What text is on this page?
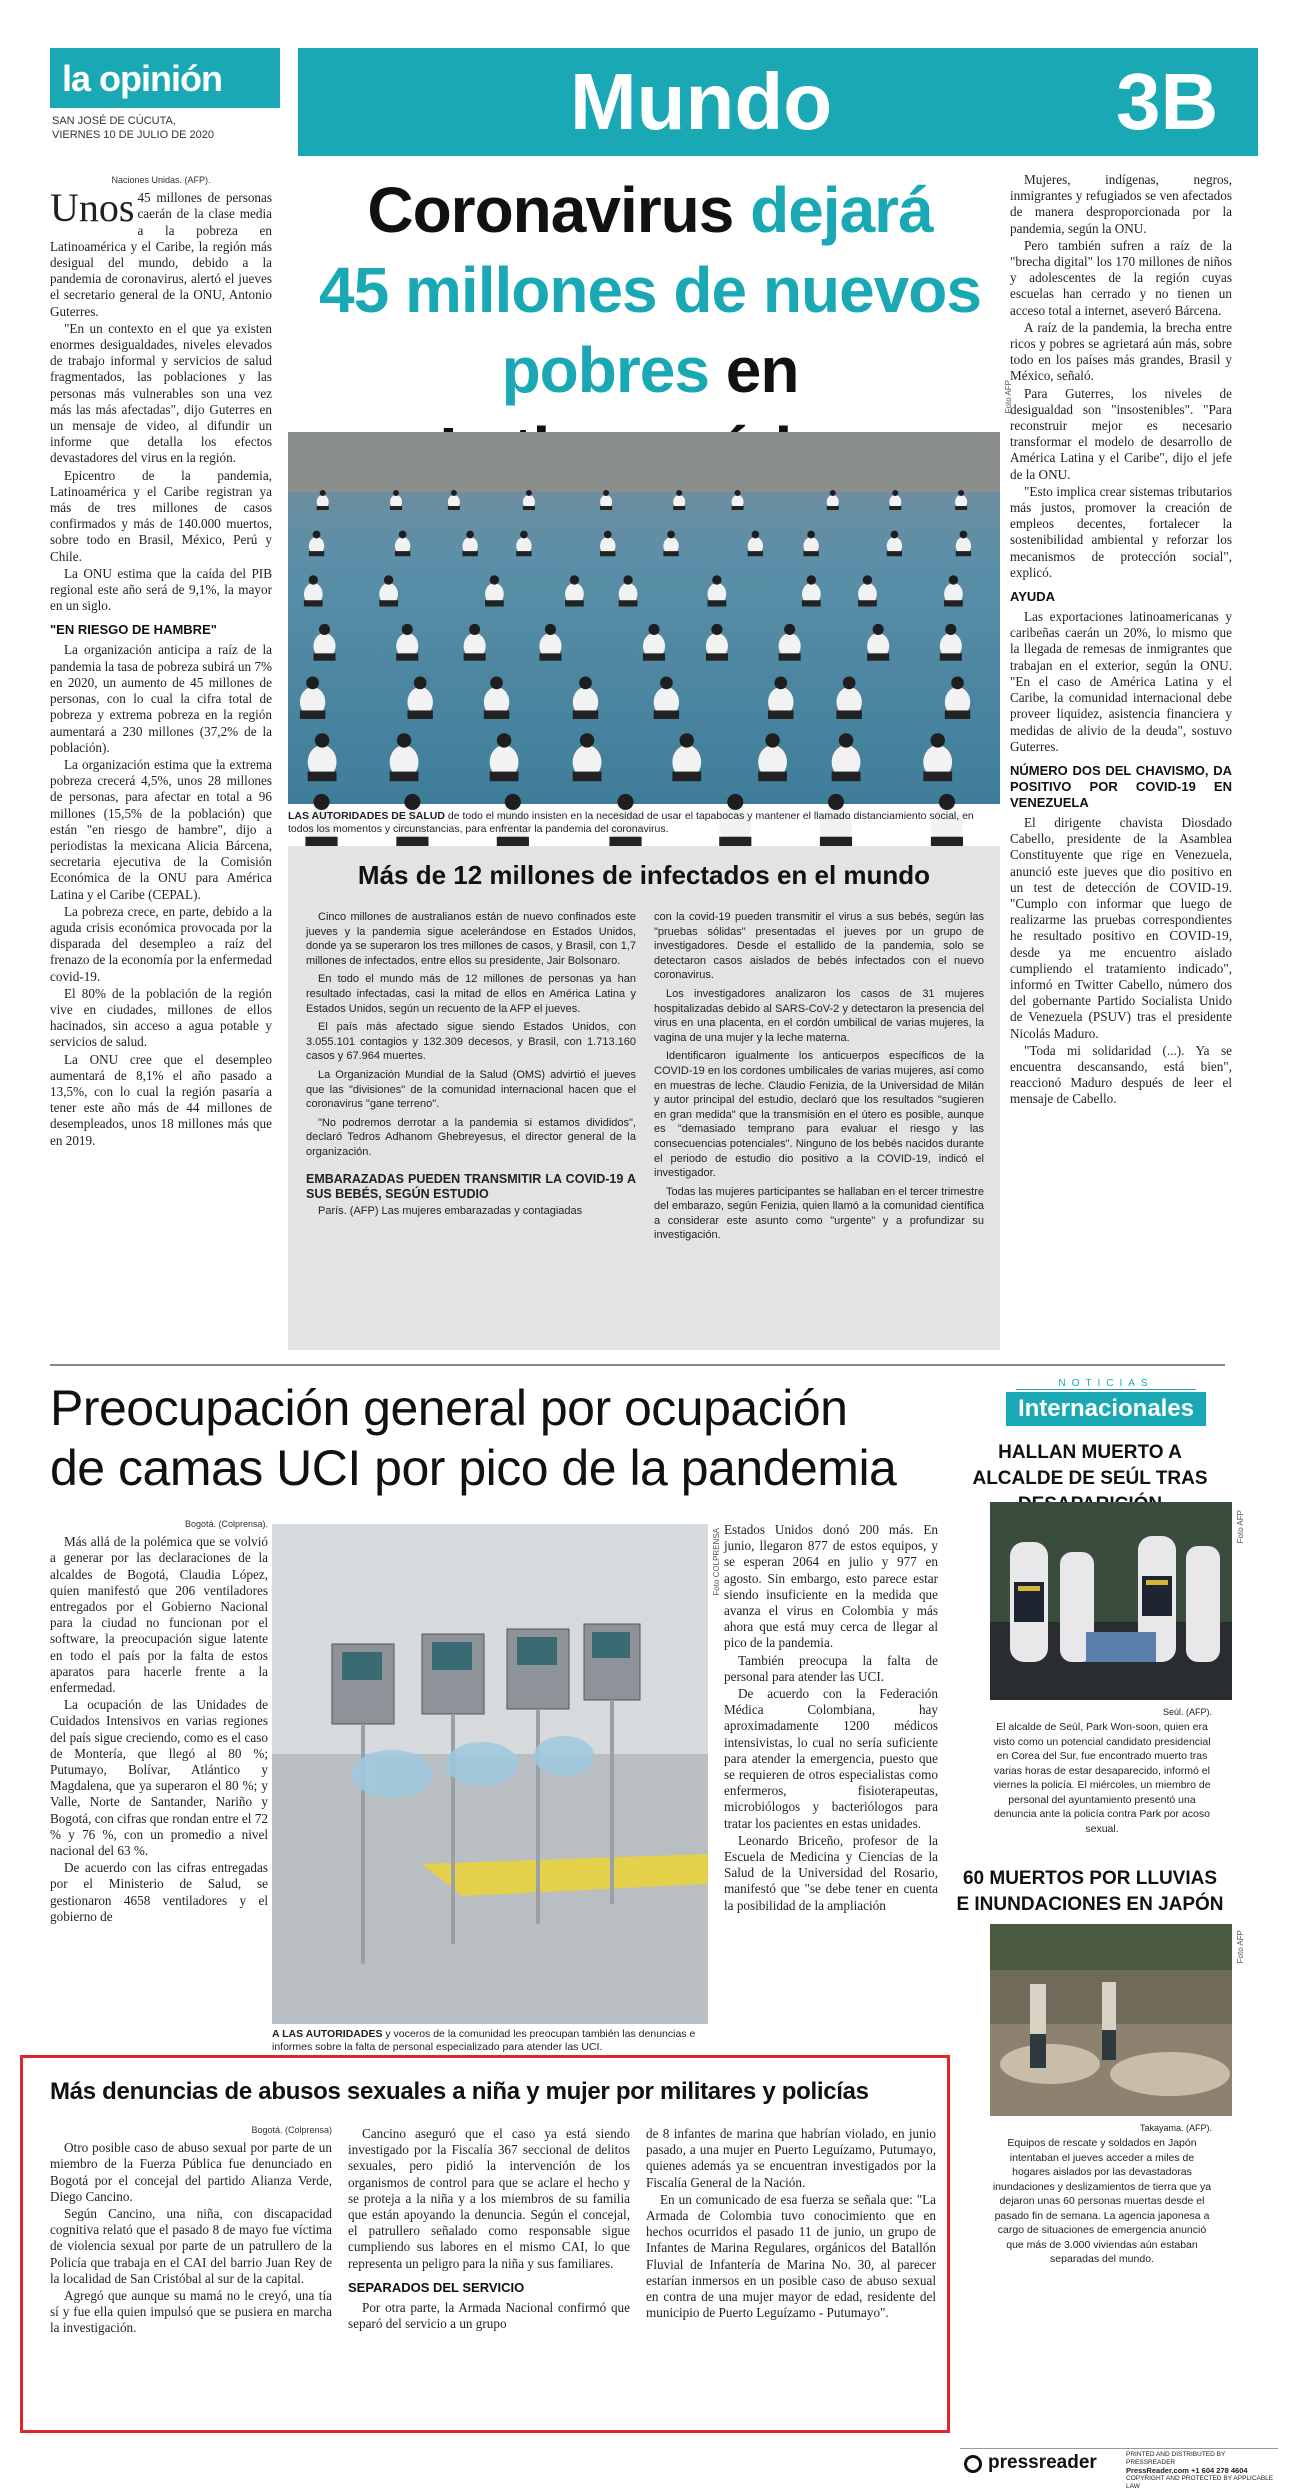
la opinión
SAN JOSÉ DE CÚCUTA,
VIERNES 10 DE JULIO DE 2020	Mundo	3B
Coronavirus dejará
45 millones de nuevos
pobres en
Naciones Unidas. (AFP).

Unos 45 millones de personas caerán de la clase media a la pobreza en Latinoamérica y el Caribe, la región más desigual del mundo, debido a la pandemia de coronavirus, alertó el jueves el secretario general de la ONU, Antonio Guterres.

"En un contexto en el que ya existen enormes desigualdades, niveles elevados de trabajo informal y servicios de salud fragmentados, las poblaciones y las personas más vulnerables son una vez más las más afectadas", dijo Guterres en un mensaje de video, al difundir un informe que detalla los efectos devastadores del virus en la región.

Epicentro de la pandemia, Latinoamérica y el Caribe registran ya más de tres millones de casos confirmados y más de 140.000 muertos, sobre todo en Brasil, México, Perú y Chile.

La ONU estima que la caída del PIB regional este año será de 9,1%, la mayor en un siglo.

"EN RIESGO DE HAMBRE"

La organización anticipa a raíz de la pandemia la tasa de pobreza subirá un 7% en 2020, un aumento de 45 millones de personas, con lo cual la cifra total de pobreza y extrema pobreza en la región aumentará a 230 millones (37,2% de la población).

La organización estima que la extrema pobreza crecerá 4,5%, unos 28 millones de personas, para afectar en total a 96 millones (15,5% de la población) que están "en riesgo de hambre", dijo a periodistas la mexicana Alicia Bárcena, secretaria ejecutiva de la Comisión Económica de la ONU para América Latina y el Caribe (CEPAL).

La pobreza crece, en parte, debido a la aguda crisis económica provocada por la disparada del desempleo a raíz del frenazo de la economía por la enfermedad covid-19.

El 80% de la población de la región vive en ciudades, millones de ellos hacinados, sin acceso a agua potable y servicios de salud.

La ONU cree que el desempleo aumentará de 8,1% el año pasado a 13,5%, con lo cual la región pasaría a tener este año más de 44 millones de desempleados, unos 18 millones más que en 2019.

Foto AFP
LAS AUTORIDADES DE SALUD de todo el mundo insisten en la necesidad de usar el tapabocas y mantener el llamado distanciamiento social, en todos los momentos y circunstancias, para enfrentar la pandemia del coronavirus.

Mujeres, indígenas, negros, inmigrantes y refugiados se ven afectados de manera desproporcionada por la pandemia, según la ONU.

Pero también sufren a raíz de la "brecha digital" los 170 millones de niños y adolescentes de la región cuyas escuelas han cerrado y no tienen un acceso total a internet, aseveró Bárcena.

A raíz de la pandemia, la brecha entre ricos y pobres se agrietará aún más, sobre todo en los países más grandes, Brasil y México, señaló.

Para Guterres, los niveles de desigualdad son "insostenibles". "Para reconstruir mejor es necesario transformar el modelo de desarrollo de América Latina y el Caribe", dijo el jefe de la ONU.

"Esto implica crear sistemas tributarios más justos, promover la creación de empleos decentes, fortalecer la sostenibilidad ambiental y reforzar los mecanismos de protección social", explicó.

AYUDA

Las exportaciones latinoamericanas y caribeñas caerán un 20%, lo mismo que la llegada de remesas de inmigrantes que trabajan en el exterior, según la ONU. "En el caso de América Latina y el Caribe, la comunidad internacional debe proveer liquidez, asistencia financiera y medidas de alivio de la deuda", sostuvo Guterres.

NÚMERO DOS DEL CHAVISMO, DA POSITIVO POR COVID-19 EN VENEZUELA

El dirigente chavista Diosdado Cabello, presidente de la Asamblea Constituyente que rige en Venezuela, anunció este jueves que dio positivo en un test de detección de COVID-19. "Cumplo con informar que luego de realizarme las pruebas correspondientes he resultado positivo en COVID-19, desde ya me encuentro aislado cumpliendo el tratamiento indicado", informó en Twitter Cabello, número dos del gobernante Partido Socialista Unido de Venezuela (PSUV) tras el presidente Nicolás Maduro.

"Toda mi solidaridad (...). Ya se encuentra descansando, está bien", reaccionó Maduro después de leer el mensaje de Cabello.

Más de 12 millones de infectados en el mundo

Cinco millones de australianos están de nuevo confinados este jueves y la pandemia sigue acelerándose en Estados Unidos, donde ya se superaron los tres millones de casos, y Brasil, con 1,7 millones de infectados, entre ellos su presidente, Jair Bolsonaro.

En todo el mundo más de 12 millones de personas ya han resultado infectadas, casi la mitad de ellos en América Latina y Estados Unidos, según un recuento de la AFP el jueves.

El país más afectado sigue siendo Estados Unidos, con 3.055.101 contagios y 132.309 decesos, y Brasil, con 1.713.160 casos y 67.964 muertes.

La Organización Mundial de la Salud (OMS) advirtió el jueves que las "divisiones" de la comunidad internacional hacen que el coronavirus "gane terreno".

"No podremos derrotar a la pandemia si estamos divididos", declaró Tedros Adhanom Ghebreyesus, el director general de la organización.

EMBARAZADAS PUEDEN TRANSMITIR LA COVID-19 A SUS BEBÉS, SEGÚN ESTUDIO

París. (AFP) Las mujeres embarazadas y contagiadas

con la covid-19 pueden transmitir el virus a sus bebés, según las "pruebas sólidas" presentadas el jueves por un grupo de investigadores. Desde el estallido de la pandemia, solo se detectaron casos aislados de bebés infectados con el nuevo coronavirus.

Los investigadores analizaron los casos de 31 mujeres hospitalizadas debido al SARS-CoV-2 y detectaron la presencia del virus en una placenta, en el cordón umbilical de varias mujeres, la vagina de una mujer y la leche materna.

Identificaron igualmente los anticuerpos específicos de la COVID-19 en los cordones umbilicales de varias mujeres, así como en muestras de leche. Claudio Fenizia, de la Universidad de Milán y autor principal del estudio, declaró que los resultados "sugieren en gran medida" que la transmisión en el útero es posible, aunque es "demasiado temprano para evaluar el riesgo y las consecuencias potenciales". Ninguno de los bebés nacidos durante el periodo de estudio dio positivo a la COVID-19, indicó el investigador.

Todas las mujeres participantes se hallaban en el tercer trimestre del embarazo, según Fenizia, quien llamó a la comunidad científica a considerar este asunto como "urgente" y a profundizar su investigación.

Preocupación general por ocupación
de camas UCI por pico de la pandemia
Bogotá. (Colprensa).

Más allá de la polémica que se volvió a generar por las declaraciones de la alcaldes de Bogotá, Claudia López, quien manifestó que 206 ventiladores entregados por el Gobierno Nacional para la ciudad no funcionan por el software, la preocupación sigue latente en todo el país por la falta de estos aparatos para hacerle frente a la enfermedad.

La ocupación de las Unidades de Cuidados Intensivos en varias regiones del país sigue creciendo, como es el caso de Montería, que llegó al 80 %; Putumayo, Bolívar, Atlántico y Magdalena, que ya superaron el 80 %; y Valle, Norte de Santander, Nariño y Bogotá, con cifras que rondan entre el 72 % y 76 %, con un promedio a nivel nacional del 63 %.

De acuerdo con las cifras entregadas por el Ministerio de Salud, se gestionaron 4658 ventiladores y el gobierno de

Foto COLPRENSA
A LAS AUTORIDADES y voceros de la comunidad les preocupan también las denuncias e informes sobre la falta de personal especializado para atender las UCI.

Estados Unidos donó 200 más. En junio, llegaron 877 de estos equipos, y se esperan 2064 en julio y 977 en agosto. Sin embargo, esto parece estar siendo insuficiente en la medida que avanza el virus en Colombia y más ahora que está muy cerca de llegar al pico de la pandemia.

También preocupa la falta de personal para atender las UCI.

De acuerdo con la Federación Médica Colombiana, hay aproximadamente 1200 médicos intensivistas, lo cual no sería suficiente para atender la emergencia, puesto que se requieren de otros especialistas como enfermeros, fisioterapeutas, microbiólogos y bacteriólogos para tratar los pacientes en estas unidades.

Leonardo Briceño, profesor de la Escuela de Medicina y Ciencias de la Salud de la Universidad del Rosario, manifestó que "se debe tener en cuenta la posibilidad de la ampliación

Más denuncias de abusos sexuales a niña y mujer por militares y policías
Bogotá. (Colprensa)

Otro posible caso de abuso sexual por parte de un miembro de la Fuerza Pública fue denunciado en Bogotá por el concejal del partido Alianza Verde, Diego Cancino.

Según Cancino, una niña, con discapacidad cognitiva relató que el pasado 8 de mayo fue víctima de violencia sexual por parte de un patrullero de la Policía que trabaja en el CAI del barrio Juan Rey de la localidad de San Cristóbal al sur de la capital.

Agregó que aunque su mamá no le creyó, una tía sí y fue ella quien impulsó que se pusiera en marcha la investigación.

Cancino aseguró que el caso ya está siendo investigado por la Fiscalía 367 seccional de delitos sexuales, pero pidió la intervención de los organismos de control para que se aclare el hecho y se proteja a la niña y a los miembros de su familia que están apoyando la denuncia. Según el concejal, el patrullero señalado como responsable sigue cumpliendo sus labores en el mismo CAI, lo que representa un peligro para la niña y sus familiares.

SEPARADOS DEL SERVICIO

Por otra parte, la Armada Nacional confirmó que separó del servicio a un grupo

de 8 infantes de marina que habrían violado, en junio pasado, a una mujer en Puerto Leguízamo, Putumayo, quienes además ya se encuentran investigados por la Fiscalía General de la Nación.

En un comunicado de esa fuerza se señala que: "La Armada de Colombia tuvo conocimiento que en hechos ocurridos el pasado 11 de junio, un grupo de Infantes de Marina Regulares, orgánicos del Batallón Fluvial de Infantería de Marina No. 30, al parecer estarían inmersos en un posible caso de abuso sexual en contra de una mujer mayor de edad, residente del municipio de Puerto Leguízamo - Putumayo".

NOTICIAS
Internacionales
HALLAN MUERTO A ALCALDE DE SEÚL TRAS
Foto AFP
Seúl. (AFP).
El alcalde de Seúl, Park Won-soon, quien era visto como un potencial candidato presidencial en Corea del Sur, fue encontrado muerto tras varias horas de estar desaparecido, informó el viernes la policía. El miércoles, un miembro de personal del ayuntamiento presentó una denuncia ante la policía contra Park por acoso sexual.
60 MUERTOS POR LLUVIAS E INUNDACIONES EN JAPÓN
Foto AFP
Takayama. (AFP).
Equipos de rescate y soldados en Japón intentaban el jueves acceder a miles de hogares aislados por las devastadoras inundaciones y deslizamientos de tierra que ya dejaron unas 60 personas muertas desde el pasado fin de semana. La agencia japonesa a cargo de situaciones de emergencia anunció que más de 3.000 viviendas aún estaban separadas del mundo.
pressreader	PRINTED AND DISTRIBUTED BY PRESSREADER
PressReader.com +1 604 278 4604
COPYRIGHT AND PROTECTED BY APPLICABLE LAW
